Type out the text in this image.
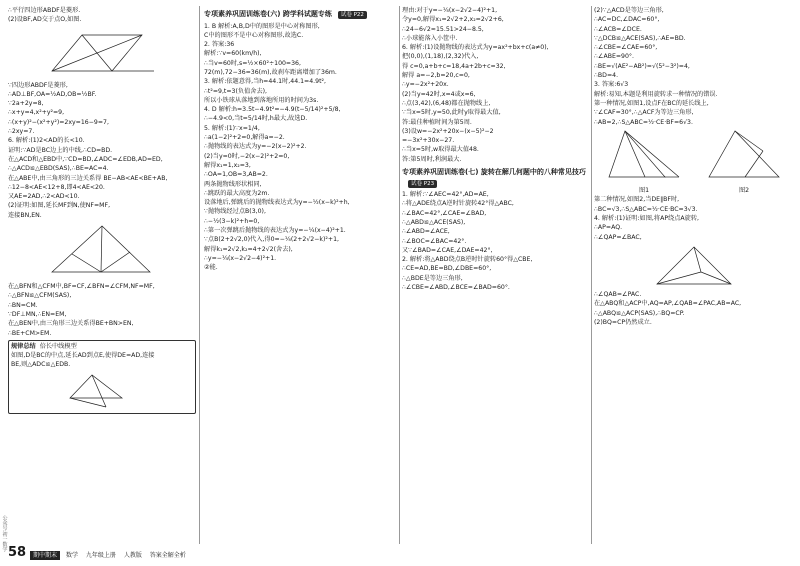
∴平行四边形ABDF是菱形.

(2)设BF,AD交于点O,如图.

∵四边形ABDF是菱形,

∴AD⊥BF,OA=½AD,OB=½BF.

∵2a+2y=8,

∴x+y=4,x²+y²=9,

∴(x+y)²−(x²+y²)=2xy=16−9=7,

∴2xy=7.

6. 解析:(1)2<AD的长<10.

证明:∵AD是BC边上的中线,∴CD=BD.

在△ACD和△EBD中,∵CD=BD,∠ADC=∠EDB,AD=ED,

∴△ACD≌△EBD(SAS),∴BE=AC=4.

在△ABE中,由三角形的三边关系得 BE−AB<AE<BE+AB,

∴12−8<AE<12+8,即4<AE<20.

又AE=2AD,∴2<AD<10.

(2)证明:如图,延长MF到N,使NF=MF,

连接BN,EN.

在△BFN和△CFM中,BF=CF,∠BFN=∠CFM,NF=MF,

∴△BFN≌△CFM(SAS),

∴BN=CM.

∵DF⊥MN,∴EN=EM,

在△BEN中,由三角形三边关系得BE+BN>EN,

∴BE+CM>EM.

规律总结 倍长中线模型

如图,D是BC的中点,延长AD到点E,使得DE=AD,连接

BE,则△ADC≌△EDB.

专项素养巩固训练卷(六) 跨学科试题专练 试卷 P22

1. B 解析:A,B,D中的图形是中心对称图形,

C中的图形不是中心对称图形,故选C.

2. 答案:36

解析:∵v=60(km/h),

∴当v=60时,s=½×60²÷100=36,

72(m),72−36=36(m),故刹车距离增加了36m.

3. 解析:依题意得,当h=44.1时,44.1=4.9t²,

∴t²=9,t=3(负值舍去),

所以小铁球从落地到落地所用的时间为3s.

4. D 解析:h=3.5t−4.9t²=−4.9(t−5/14)²+5/8,

∴−4.9<0,当t=5/14时,h最大,故选D.

5. 解析:(1)∵x=1/4,

∴a(1−2)²+2=0,解得a=−2.

∴抛物线的表达式为y=−2(x−2)²+2.

(2)当y=0时,−2(x−2)²+2=0,

解得x₁=1,x₂=3,

∴OA=1,OB=3,AB=2.

两条抛物线形状相同,

∴跳跃的最大高度为2m.

设落地后,弹跳后的抛物线表达式为y=−½(x−k)²+h,

∵抛物线经过点B(3,0),

∴−½(3−k)²+h=0,

∴第一次弹跳后抛物线的表达式为y=−¼(x−4)²+1.

∵点B(2+2√2,0)代入,得0=−¼(2+2√2−k)²+1,

解得k₁=2√2,k₂=4+2√2(舍去),

∴y=−¼(x−2√2−4)²+1.

②能.

理由:对于y=−¼(x−2√2−4)²+1,

令y=0,解得x₁=2√2+2,x₂=2√2+6,

∴24−6√2≈15.51>24−8.5,

∴小球能落入小筐中.

6. 解析:(1)设抛物线的表达式为y=ax²+bx+c(a≠0),

把(0,0),(1,18),(2,32)代入,

得 c=0,a+b+c=18,4a+2b+c=32,

解得 a=−2,b=20,c=0,

∴y=−2x²+20x.

(2)当y=42时,x=4或x=6,

∴点(3,42),(6,48)都在抛物线上,

∵当x=5时,y=50,此时y取得最大值,

答:最佳种植时间为第5周.

(3)设w=−2x²+20x−(x−5)²−2

=−3x²+30x−27.

∴当x=5时,w取得最大值48.

答:第5周时,利润最大.

专项素养巩固训练卷(七) 旋转在解几何题中的八种常见技巧试卷 P23

1. 解析:∵∠AEC=42°,AD=AE,

∴将△ADE绕点A逆时针旋转42°得△ABC,

∴∠BAC=42°,∠CAE=∠BAD,

∴△ABD≌△ACE(SAS),

∴∠ABD=∠ACE,

∴∠BOC=∠BAC=42°.

又∵∠BAD=∠CAE,∠DAE=42°,

2. 解析:将△ABD绕点B逆时针旋转60°得△CBE,

∴CE=AD,BE=BD,∠DBE=60°,

∴△BDE是等边三角形,

∴∠CBE=∠ABD,∠BCE=∠BAD=60°.

(2)∵△ACD是等边三角形,

∴AC=DC,∠DAC=60°,

∴∠ACB=∠DCE.

∵△DCB≌△ACE(SAS),∴AE=BD.

∴∠CBE=∠CAE=60°,

∴∠ABE=90°.

∴BE=√(AE²−AB²)=√(5²−3²)=4,

∴BD=4.

3. 答案:6√3

解析:易知,本题是利用旋转求一种情况的错误.

第一种情况,如图1,设点F在BC的延长线上,

∵∠CAF=30°,∴△ACF为等边三角形,

∴AB=2,∴S△ABC=½·CE·BF=6√3.

图1	图2

第二种情况,如图2,当DE∥BF时,

∴BC=√3,∴S△ABC=½·CE·BC=3√3.

4. 解析:(1)证明:如图,将AP绕点A旋转,

∴AP=AQ.

∴∠QAP=∠BAC,

∴∠QAB=∠PAC.

在△ABQ和△ACP中,AQ=AP,∠QAB=∠PAC,AB=AC,

∴△ABQ≌△ACP(SAS),∴BQ=CP.

(2)BQ=CP仍然成立.

58	期中期末 数学 九年级上册 人教版 答案全解全析
公众号:初一数学
